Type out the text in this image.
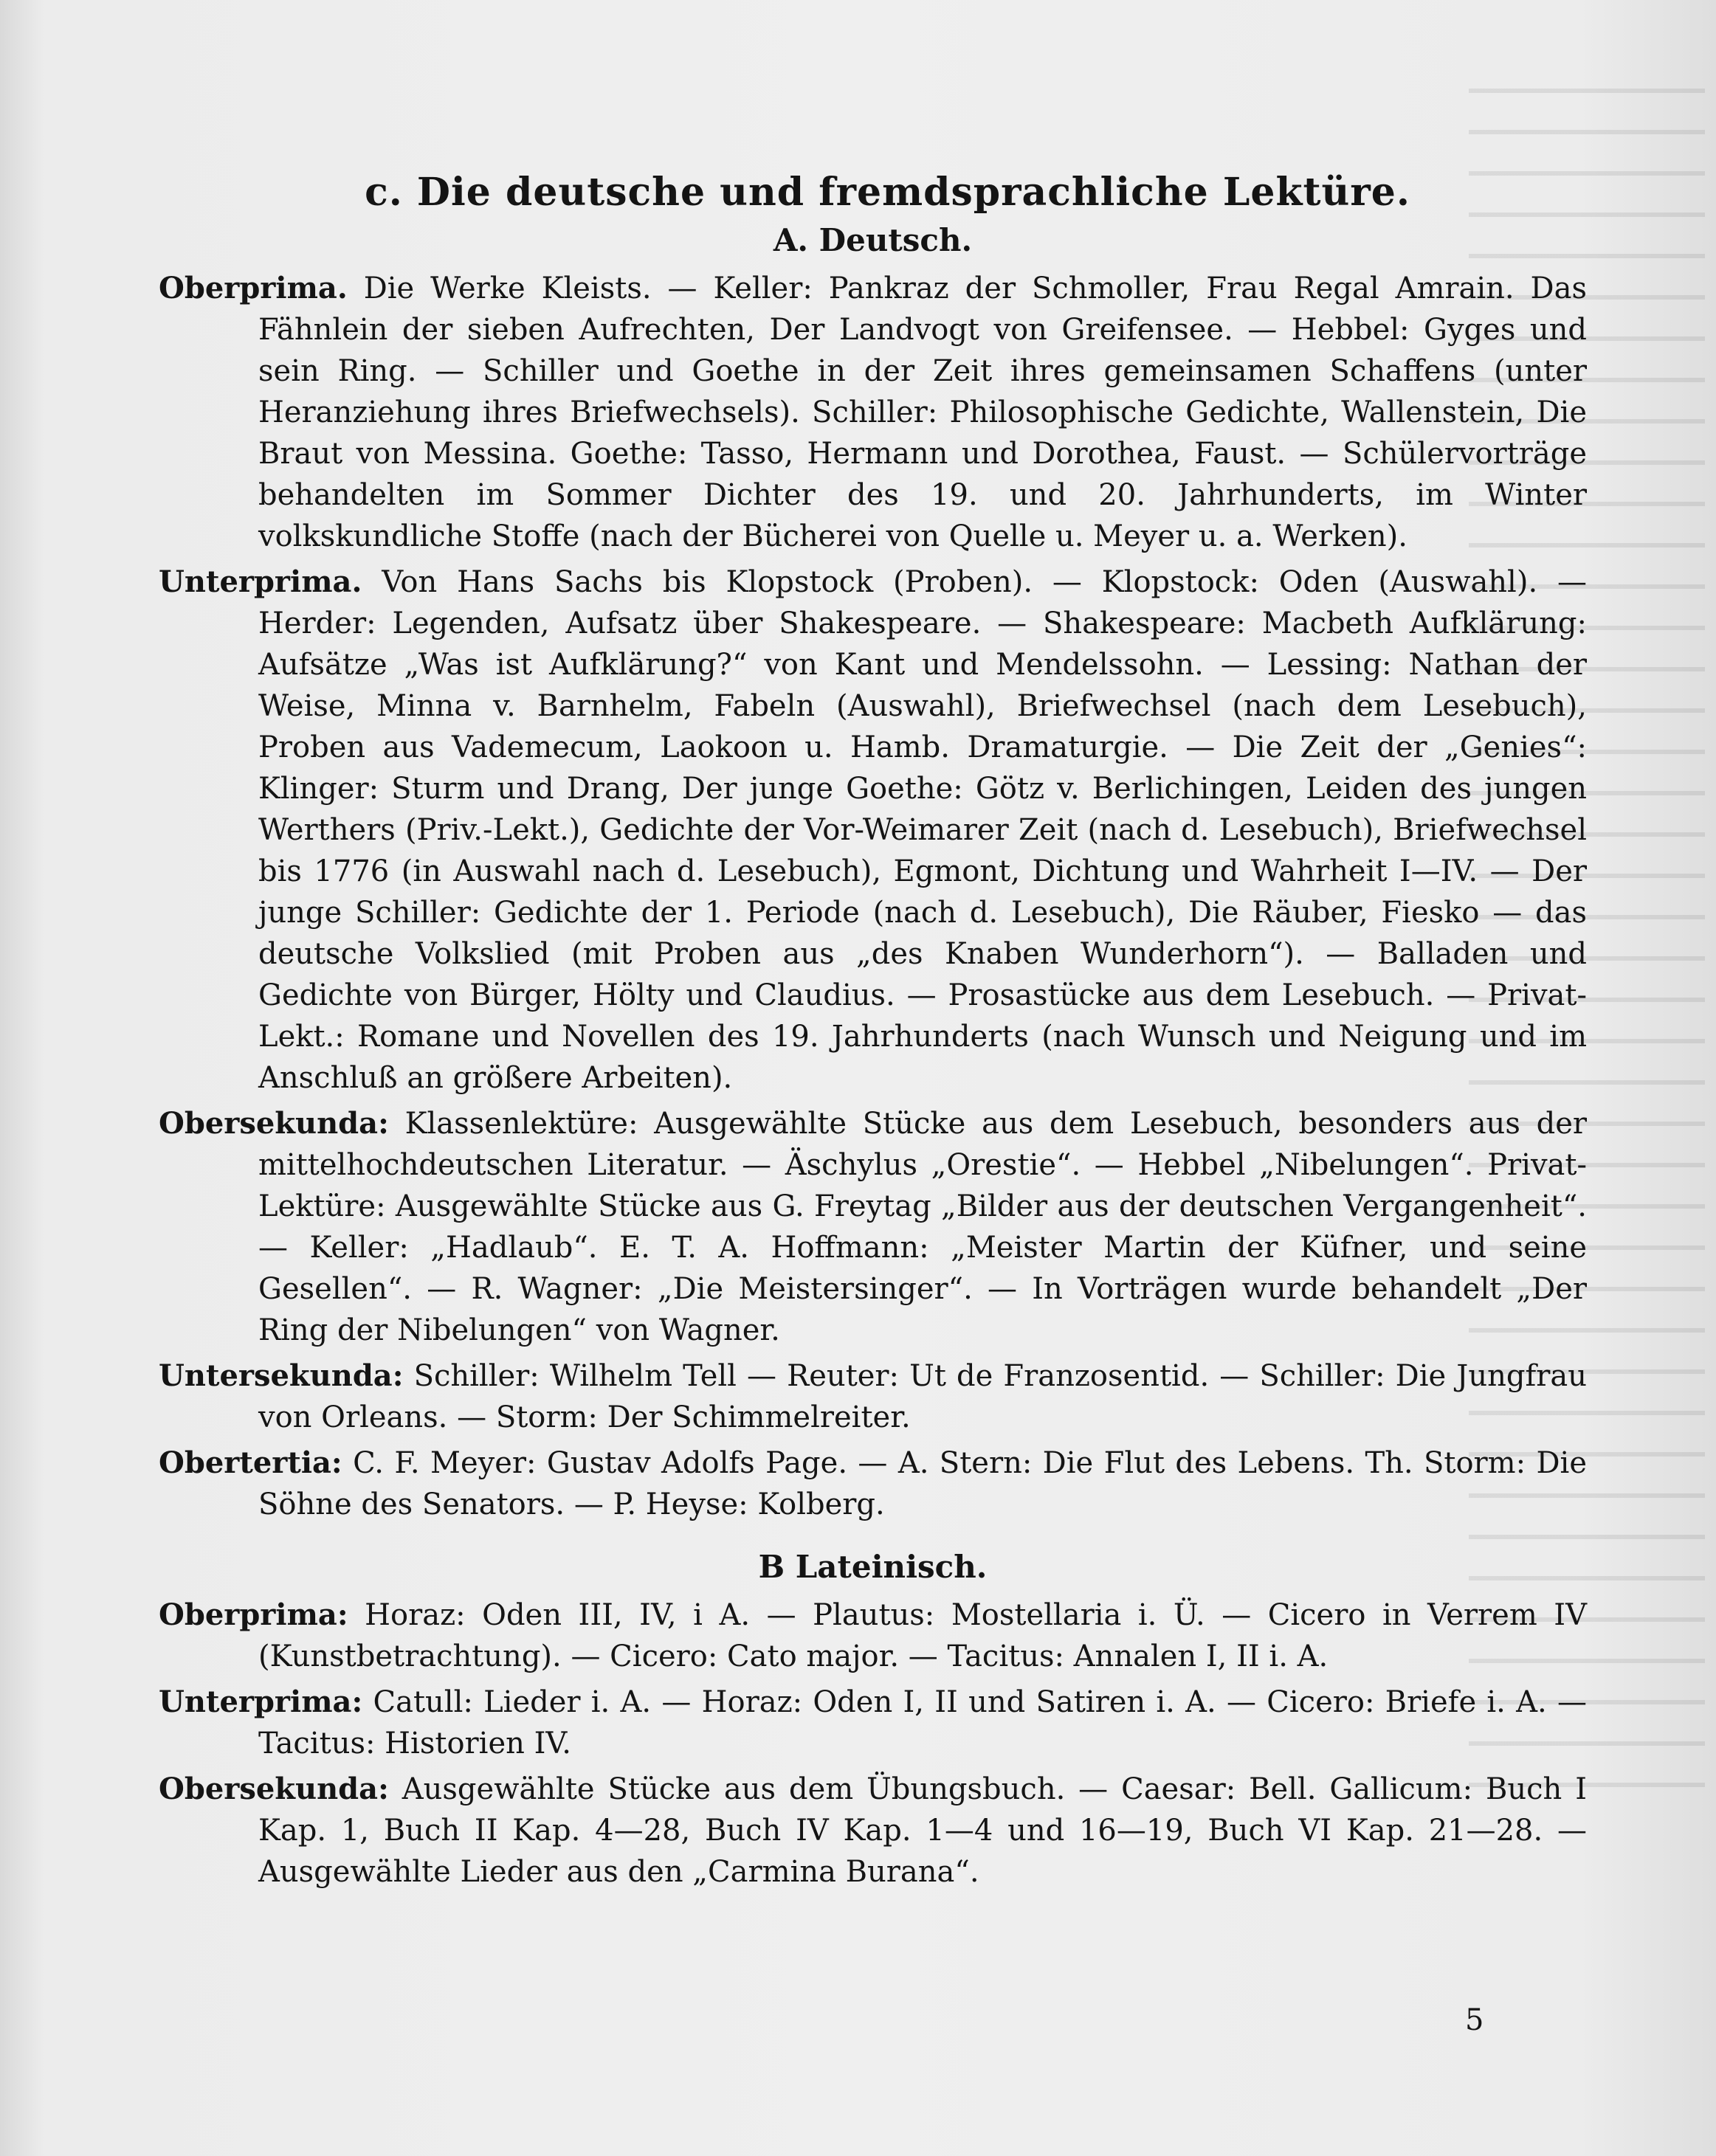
c. Die deutsche und fremdsprachliche Lektüre.
A. Deutsch.

Oberprima. Die Werke Kleists. — Keller: Pankraz der Schmoller, Frau Regal Amrain. Das Fähnlein der sieben Aufrechten, Der Landvogt von Greifensee. — Hebbel: Gyges und sein Ring. — Schiller und Goethe in der Zeit ihres gemeinsamen Schaffens (unter Heranziehung ihres Briefwechsels). Schiller: Philosophische Gedichte, Wallenstein, Die Braut von Messina. Goethe: Tasso, Hermann und Dorothea, Faust. — Schülervorträge behandelten im Sommer Dichter des 19. und 20. Jahrhunderts, im Winter volkskundliche Stoffe (nach der Bücherei von Quelle u. Meyer u. a. Werken).

Unterprima. Von Hans Sachs bis Klopstock (Proben). — Klopstock: Oden (Auswahl). — Herder: Legenden, Aufsatz über Shakespeare. — Shakespeare: Macbeth Aufklärung: Aufsätze „Was ist Aufklärung?“ von Kant und Mendelssohn. — Lessing: Nathan der Weise, Minna v. Barnhelm, Fabeln (Auswahl), Briefwechsel (nach dem Lesebuch), Proben aus Vademecum, Laokoon u. Hamb. Dramaturgie. — Die Zeit der „Genies“: Klinger: Sturm und Drang, Der junge Goethe: Götz v. Berlichingen, Leiden des jungen Werthers (Priv.-Lekt.), Gedichte der Vor-Weimarer Zeit (nach d. Lesebuch), Briefwechsel bis 1776 (in Auswahl nach d. Lesebuch), Egmont, Dichtung und Wahrheit I—IV. — Der junge Schiller: Gedichte der 1. Periode (nach d. Lesebuch), Die Räuber, Fiesko — das deutsche Volkslied (mit Proben aus „des Knaben Wunderhorn“). — Balladen und Gedichte von Bürger, Hölty und Claudius. — Prosastücke aus dem Lesebuch. — Privat-Lekt.: Romane und Novellen des 19. Jahrhunderts (nach Wunsch und Neigung und im Anschluß an größere Arbeiten).

Obersekunda: Klassenlektüre: Ausgewählte Stücke aus dem Lesebuch, besonders aus der mittelhochdeutschen Literatur. — Äschylus „Orestie“. — Hebbel „Nibelungen“. Privat-Lektüre: Ausgewählte Stücke aus G. Freytag „Bilder aus der deutschen Vergangenheit“. — Keller: „Hadlaub“. E. T. A. Hoffmann: „Meister Martin der Küfner, und seine Gesellen“. — R. Wagner: „Die Meistersinger“. — In Vorträgen wurde behandelt „Der Ring der Nibelungen“ von Wagner.

Untersekunda: Schiller: Wilhelm Tell — Reuter: Ut de Franzosentid. — Schiller: Die Jungfrau von Orleans. — Storm: Der Schimmelreiter.

Obertertia: C. F. Meyer: Gustav Adolfs Page. — A. Stern: Die Flut des Lebens. Th. Storm: Die Söhne des Senators. — P. Heyse: Kolberg.

B Lateinisch.

Oberprima: Horaz: Oden III, IV, i A. — Plautus: Mostellaria i. Ü. — Cicero in Verrem IV (Kunstbetrachtung). — Cicero: Cato major. — Tacitus: Annalen I, II i. A.

Unterprima: Catull: Lieder i. A. — Horaz: Oden I, II und Satiren i. A. — Cicero: Briefe i. A. — Tacitus: Historien IV.

Obersekunda: Ausgewählte Stücke aus dem Übungsbuch. — Caesar: Bell. Gallicum: Buch I Kap. 1, Buch II Kap. 4—28, Buch IV Kap. 1—4 und 16—19, Buch VI Kap. 21—28. — Ausgewählte Lieder aus den „Carmina Burana“.

5
